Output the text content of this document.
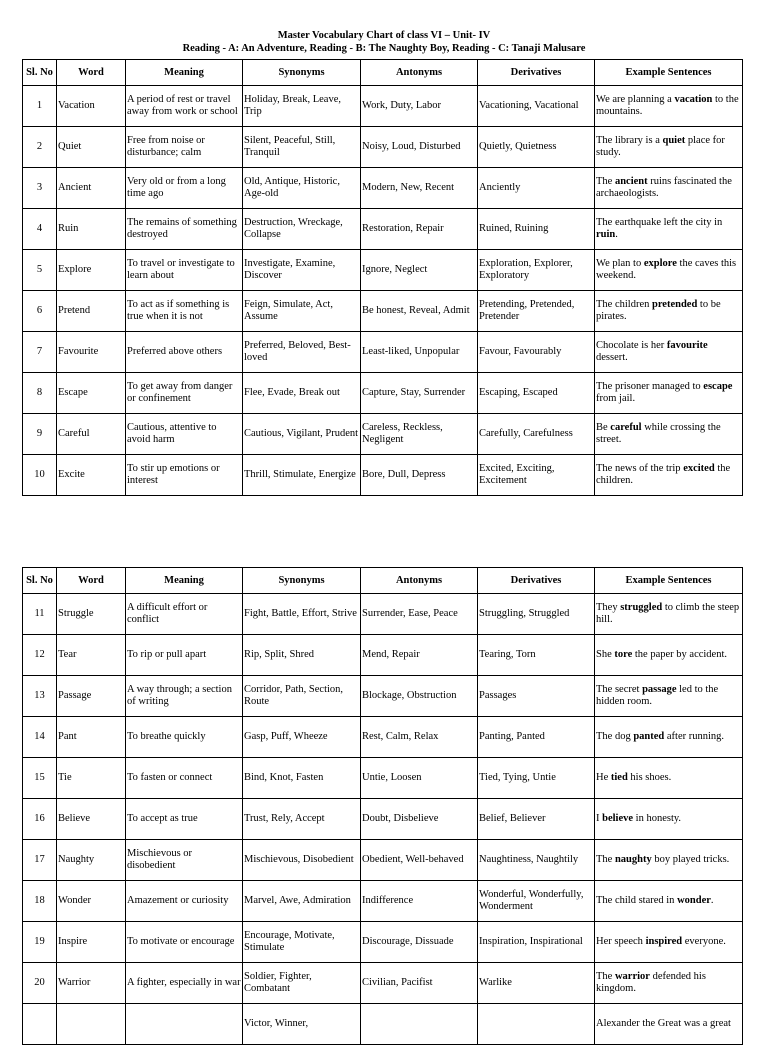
Master Vocabulary Chart of class VI – Unit- IV
Reading - A: An Adventure, Reading - B: The Naughty Boy, Reading - C: Tanaji Malusare
Sl. No	Word	Meaning	Synonyms	Antonyms	Derivatives	Example Sentences
1	Vacation	A period of rest or travel away from work or school	Holiday, Break, Leave, Trip	Work, Duty, Labor	Vacationing, Vacational	We are planning a vacation to the mountains.
2	Quiet	Free from noise or disturbance; calm	Silent, Peaceful, Still, Tranquil	Noisy, Loud, Disturbed	Quietly, Quietness	The library is a quiet place for study.
3	Ancient	Very old or from a long time ago	Old, Antique, Historic, Age-old	Modern, New, Recent	Anciently	The ancient ruins fascinated the archaeologists.
4	Ruin	The remains of something destroyed	Destruction, Wreckage, Collapse	Restoration, Repair	Ruined, Ruining	The earthquake left the city in ruin.
5	Explore	To travel or investigate to learn about	Investigate, Examine, Discover	Ignore, Neglect	Exploration, Explorer, Exploratory	We plan to explore the caves this weekend.
6	Pretend	To act as if something is true when it is not	Feign, Simulate, Act, Assume	Be honest, Reveal, Admit	Pretending, Pretended, Pretender	The children pretended to be pirates.
7	Favourite	Preferred above others	Preferred, Beloved, Best-loved	Least-liked, Unpopular	Favour, Favourably	Chocolate is her favourite dessert.
8	Escape	To get away from danger or confinement	Flee, Evade, Break out	Capture, Stay, Surrender	Escaping, Escaped	The prisoner managed to escape from jail.
9	Careful	Cautious, attentive to avoid harm	Cautious, Vigilant, Prudent	Careless, Reckless, Negligent	Carefully, Carefulness	Be careful while crossing the street.
10	Excite	To stir up emotions or interest	Thrill, Stimulate, Energize	Bore, Dull, Depress	Excited, Exciting, Excitement	The news of the trip excited the children.
Sl. No	Word	Meaning	Synonyms	Antonyms	Derivatives	Example Sentences
11	Struggle	A difficult effort or conflict	Fight, Battle, Effort, Strive	Surrender, Ease, Peace	Struggling, Struggled	They struggled to climb the steep hill.
12	Tear	To rip or pull apart	Rip, Split, Shred	Mend, Repair	Tearing, Torn	She tore the paper by accident.
13	Passage	A way through; a section of writing	Corridor, Path, Section, Route	Blockage, Obstruction	Passages	The secret passage led to the hidden room.
14	Pant	To breathe quickly	Gasp, Puff, Wheeze	Rest, Calm, Relax	Panting, Panted	The dog panted after running.
15	Tie	To fasten or connect	Bind, Knot, Fasten	Untie, Loosen	Tied, Tying, Untie	He tied his shoes.
16	Believe	To accept as true	Trust, Rely, Accept	Doubt, Disbelieve	Belief, Believer	I believe in honesty.
17	Naughty	Mischievous or disobedient	Mischievous, Disobedient	Obedient, Well-behaved	Naughtiness, Naughtily	The naughty boy played tricks.
18	Wonder	Amazement or curiosity	Marvel, Awe, Admiration	Indifference	Wonderful, Wonderfully, Wonderment	The child stared in wonder.
19	Inspire	To motivate or encourage	Encourage, Motivate, Stimulate	Discourage, Dissuade	Inspiration, Inspirational	Her speech inspired everyone.
20	Warrior	A fighter, especially in war	Soldier, Fighter, Combatant	Civilian, Pacifist	Warlike	The warrior defended his kingdom.
			Victor, Winner,			Alexander the Great was a great
